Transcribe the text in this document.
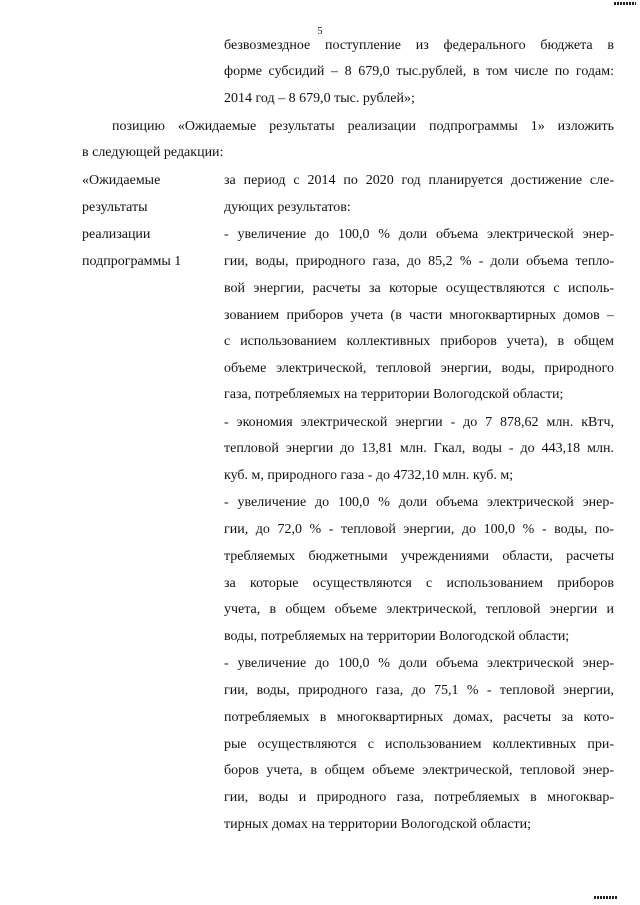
5
безвозмездное поступление из федерального бюджета в
форме субсидий – 8 679,0 тыс.рублей, в том числе по годам:
2014 год – 8 679,0 тыс. рублей»;
позицию «Ожидаемые результаты реализации подпрограммы 1» изложить
в следующей редакции:
«Ожидаемые
результаты
реализации
подпрограммы 1
за период с 2014 по 2020 год планируется достижение сле-
дующих результатов:
- увеличение до 100,0 % доли объема электрической энер-
гии, воды, природного газа, до 85,2 % - доли объема тепло-
вой энергии, расчеты за которые осуществляются с исполь-
зованием приборов учета (в части многоквартирных домов –
с использованием коллективных приборов учета), в общем
объеме электрической, тепловой энергии, воды, природного
газа, потребляемых на территории Вологодской области;
- экономия электрической энергии - до 7 878,62 млн. кВтч,
тепловой энергии до 13,81 млн. Гкал, воды - до 443,18 млн.
куб. м, природного газа - до 4732,10 млн. куб. м;
- увеличение до 100,0 % доли объема электрической энер-
гии, до 72,0 % - тепловой энергии, до 100,0 % - воды, по-
требляемых бюджетными учреждениями области, расчеты
за которые осуществляются с использованием приборов
учета, в общем объеме электрической, тепловой энергии и
воды, потребляемых на территории Вологодской области;
- увеличение до 100,0 % доли объема электрической энер-
гии, воды, природного газа, до 75,1 % - тепловой энергии,
потребляемых в многоквартирных домах, расчеты за кото-
рые осуществляются с использованием коллективных при-
боров учета, в общем объеме электрической, тепловой энер-
гии, воды и природного газа, потребляемых в многоквар-
тирных домах на территории Вологодской области;
